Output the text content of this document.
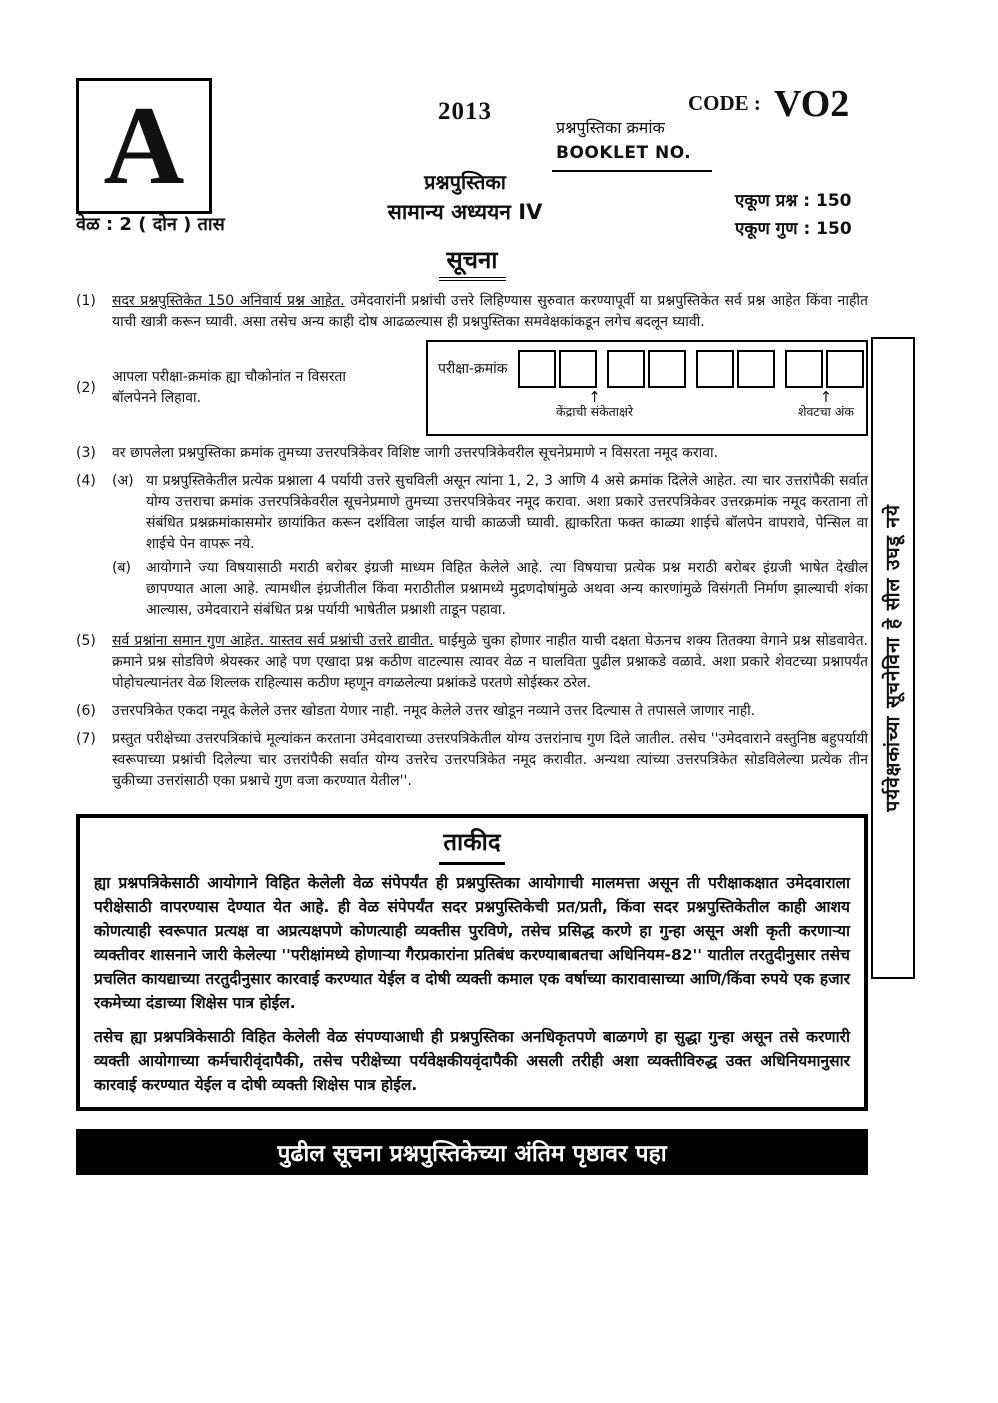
A	2013	CODE : VO2
प्रश्नपुस्तिका क्रमांक
BOOKLET NO.
प्रश्नपुस्तिका
सामान्य अध्ययन IV
वेळ : 2 ( दोन ) तास
एकूण प्रश्न : 150
एकूण गुण : 150
सूचना
(1)	सदर प्रश्नपुस्तिकेत 150 अनिवार्य प्रश्न आहेत. उमेदवारांनी प्रश्नांची उत्तरे लिहिण्यास सुरुवात करण्यापूर्वी या प्रश्नपुस्तिकेत सर्व प्रश्न आहेत किंवा नाहीत याची खात्री करून घ्यावी. असा तसेच अन्य काही दोष आढळल्यास ही प्रश्नपुस्तिका समवेक्षकांकडून लगेच बदलून घ्यावी.
(2)
आपला परीक्षा-क्रमांक ह्या चौकोनांत न विसरता बॉलपेनने लिहावा.
परीक्षा-क्रमांक
↑
केंद्राची संकेताक्षरे
↑
शेवटचा अंक
(3)	वर छापलेला प्रश्नपुस्तिका क्रमांक तुमच्या उत्तरपत्रिकेवर विशिष्ट जागी उत्तरपत्रिकेवरील सूचनेप्रमाणे न विसरता नमूद करावा.
(4)	(अ) या प्रश्नपुस्तिकेतील प्रत्येक प्रश्नाला 4 पर्यायी उत्तरे सुचविली असून त्यांना 1, 2, 3 आणि 4 असे क्रमांक दिलेले आहेत. त्या चार उत्तरांपैकी सर्वात योग्य उत्तराचा क्रमांक उत्तरपत्रिकेवरील सूचनेप्रमाणे तुमच्या उत्तरपत्रिकेवर नमूद करावा. अशा प्रकारे उत्तरपत्रिकेवर उत्तरक्रमांक नमूद करताना तो संबंधित प्रश्नक्रमांकासमोर छायांकित करून दर्शविला जाईल याची काळजी घ्यावी. ह्याकरिता फक्त काळ्या शाईचे बॉलपेन वापरावे, पेन्सिल वा शाईचे पेन वापरू नये.
(ब)	आयोगाने ज्या विषयासाठी मराठी बरोबर इंग्रजी माध्यम विहित केलेले आहे. त्या विषयाचा प्रत्येक प्रश्न मराठी बरोबर इंग्रजी भाषेत देखील छापण्यात आला आहे. त्यामधील इंग्रजीतील किंवा मराठीतील प्रश्नामध्ये मुद्रणदोषांमुळे अथवा अन्य कारणांमुळे विसंगती निर्माण झाल्याची शंका आल्यास, उमेदवाराने संबंधित प्रश्न पर्यायी भाषेतील प्रश्नाशी ताडून पहावा.
(5)	सर्व प्रश्नांना समान गुण आहेत. यास्तव सर्व प्रश्नांची उत्तरे द्यावीत. घाईमुळे चुका होणार नाहीत याची दक्षता घेऊनच शक्य तितक्या वेगाने प्रश्न सोडवावेत. क्रमाने प्रश्न सोडविणे श्रेयस्कर आहे पण एखादा प्रश्न कठीण वाटल्यास त्यावर वेळ न घालविता पुढील प्रश्नाकडे वळावे. अशा प्रकारे शेवटच्या प्रश्नापर्यंत पोहोचल्यानंतर वेळ शिल्लक राहिल्यास कठीण म्हणून वगळलेल्या प्रश्नांकडे परतणे सोईस्कर ठरेल.
(6)	उत्तरपत्रिकेत एकदा नमूद केलेले उत्तर खोडता येणार नाही. नमूद केलेले उत्तर खोडून नव्याने उत्तर दिल्यास ते तपासले जाणार नाही.
(7)	प्रस्तुत परीक्षेच्या उत्तरपत्रिकांचे मूल्यांकन करताना उमेदवाराच्या उत्तरपत्रिकेतील योग्य उत्तरांनाच गुण दिले जातील. तसेच ''उमेदवाराने वस्तुनिष्ठ बहुपर्यायी स्वरूपाच्या प्रश्नांची दिलेल्या चार उत्तरांपैकी सर्वात योग्य उत्तरेच उत्तरपत्रिकेत नमूद करावीत. अन्यथा त्यांच्या उत्तरपत्रिकेत सोडविलेल्या प्रत्येक तीन चुकीच्या उत्तरांसाठी एका प्रश्नाचे गुण वजा करण्यात येतील''.
ताकीद

ह्या प्रश्नपत्रिकेसाठी आयोगाने विहित केलेली वेळ संपेपर्यंत ही प्रश्नपुस्तिका आयोगाची मालमत्ता असून ती परीक्षाकक्षात उमेदवाराला परीक्षेसाठी वापरण्यास देण्यात येत आहे. ही वेळ संपेपर्यंत सदर प्रश्नपुस्तिकेची प्रत/प्रती, किंवा सदर प्रश्नपुस्तिकेतील काही आशय कोणत्याही स्वरूपात प्रत्यक्ष वा अप्रत्यक्षपणे कोणत्याही व्यक्तीस पुरविणे, तसेच प्रसिद्ध करणे हा गुन्हा असून अशी कृती करणाऱ्या व्यक्तीवर शासनाने जारी केलेल्या ''परीक्षांमध्ये होणाऱ्या गैरप्रकारांना प्रतिबंध करण्याबाबतचा अधिनियम-82'' यातील तरतुदीनुसार तसेच प्रचलित कायद्याच्या तरतुदीनुसार कारवाई करण्यात येईल व दोषी व्यक्ती कमाल एक वर्षाच्या कारावासाच्या आणि/किंवा रुपये एक हजार रकमेच्या दंडाच्या शिक्षेस पात्र होईल.

तसेच ह्या प्रश्नपत्रिकेसाठी विहित केलेली वेळ संपण्याआधी ही प्रश्नपुस्तिका अनधिकृतपणे बाळगणे हा सुद्धा गुन्हा असून तसे करणारी व्यक्ती आयोगाच्या कर्मचारीवृंदापैकी, तसेच परीक्षेच्या पर्यवेक्षकीयवृंदापैकी असली तरीही अशा व्यक्तीविरुद्ध उक्त अधिनियमानुसार कारवाई करण्यात येईल व दोषी व्यक्ती शिक्षेस पात्र होईल.

पुढील सूचना प्रश्नपुस्तिकेच्या अंतिम पृष्ठावर पहा
पर्यवेक्षकांच्या सूचनेविना हे सील उघडू नये
